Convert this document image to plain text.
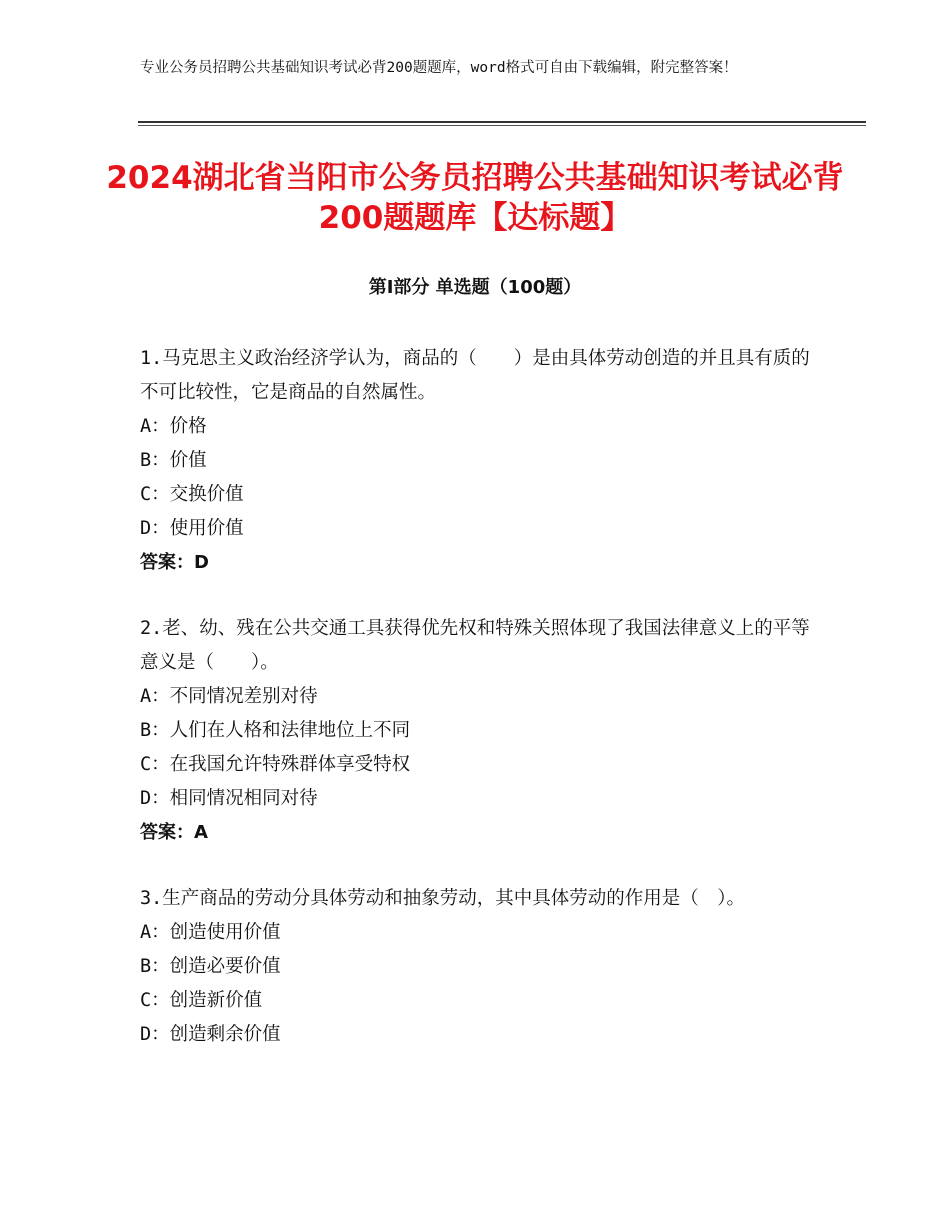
专业公务员招聘公共基础知识考试必背200题题库，word格式可自由下载编辑，附完整答案！
2024湖北省当阳市公务员招聘公共基础知识考试必背200题题库【达标题】
第Ⅰ部分 单选题（100题）

1.马克思主义政治经济学认为，商品的（　　）是由具体劳动创造的并且具有质的不可比较性，它是商品的自然属性。

A：价格

B：价值

C：交换价值

D：使用价值

答案：D

2.老、幼、残在公共交通工具获得优先权和特殊关照体现了我国法律意义上的平等意义是（　　）。

A：不同情况差别对待

B：人们在人格和法律地位上不同

C：在我国允许特殊群体享受特权

D：相同情况相同对待

答案：A

3.生产商品的劳动分具体劳动和抽象劳动，其中具体劳动的作用是（　）。

A：创造使用价值

B：创造必要价值

C：创造新价值

D：创造剩余价值
